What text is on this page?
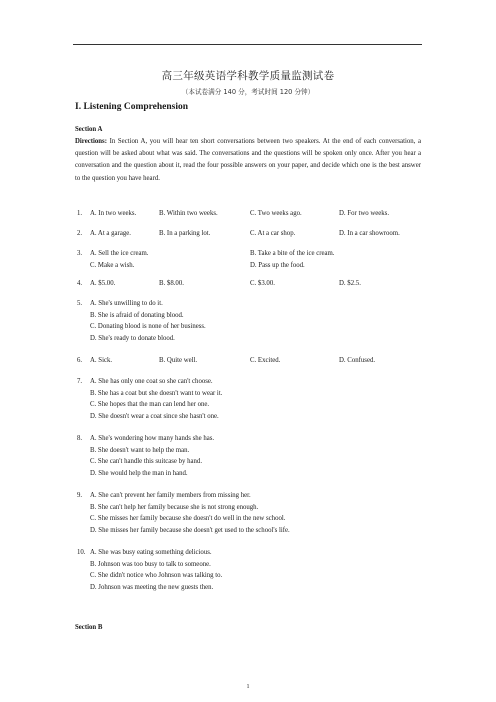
高三年级英语学科教学质量监测试卷
（本试卷满分 140 分，考试时间 120 分钟）
I. Listening Comprehension
Section A
Directions: In Section A, you will hear ten short conversations between two speakers. At the end of each conversation, a question will be asked about what was said. The conversations and the questions will be spoken only once. After you hear a conversation and the question about it, read the four possible answers on your paper, and decide which one is the best answer to the question you have heard.
1. A. In two weeks.	B. Within two weeks.	C. Two weeks ago.	D. For two weeks.
2. A. At a garage.	B. In a parking lot.	C. At a car shop.	D. In a car showroom.
3. A. Sell the ice cream.	B. Take a bite of the ice cream.
C. Make a wish.	D. Pass up the food.
4. A. $5.00.	B. $8.00.	C. $3.00.	D. $2.5.
5. A. She's unwilling to do it.
B. She is afraid of donating blood.
C. Donating blood is none of her business.
D. She's ready to donate blood.
6. A. Sick.	B. Quite well.	C. Excited.	D. Confused.
7. A. She has only one coat so she can't choose.
B. She has a coat but she doesn't want to wear it.
C. She hopes that the man can lend her one.
D. She doesn't wear a coat since she hasn't one.
8. A. She's wondering how many hands she has.
B. She doesn't want to help the man.
C. She can't handle this suitcase by hand.
D. She would help the man in hand.
9. A. She can't prevent her family members from missing her.
B. She can't help her family because she is not strong enough.
C. She misses her family because she doesn't do well in the new school.
D. She misses her family because she doesn't get used to the school's life.
10. A. She was busy eating something delicious.
B. Johnson was too busy to talk to someone.
C. She didn't notice who Johnson was talking to.
D. Johnson was meeting the new guests then.
Section B
1
